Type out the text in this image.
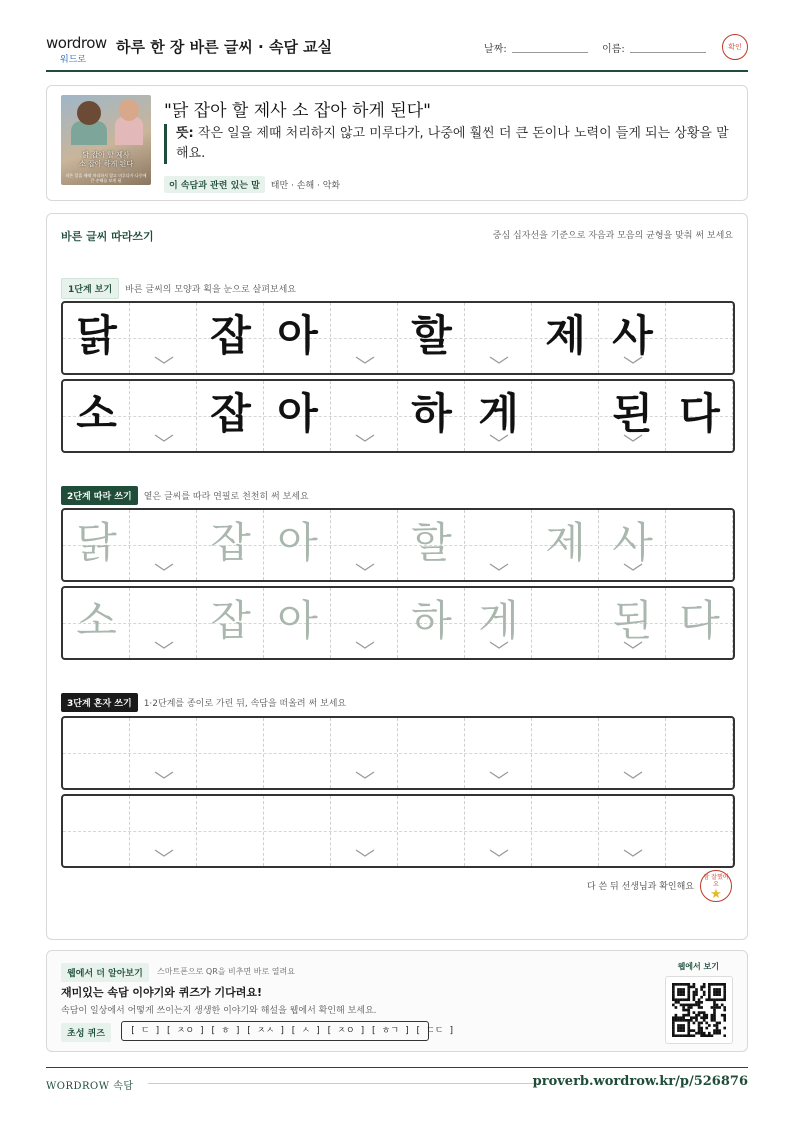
wordrow
워드로
하루 한 장 바른 글씨 · 속담 교실	날짜:	이름:	확인
닭 잡아 할 제사
소 잡아 하게 된다
작은 일을 제때 처리하지 않고 미루다가 나중에 큰 손해를 보게 됨
"닭 잡아 할 제사 소 잡아 하게 된다"
뜻: 작은 일을 제때 처리하지 않고 미루다가, 나중에 훨씬 더 큰 돈이나 노력이 들게 되는 상황을 말해요.
이 속담과 관련 있는 말 태만 · 손해 · 악화
바른 글씨 따라쓰기	중심 십자선을 기준으로 자음과 모음의 균형을 맞춰 써 보세요
1단계 보기 바른 글씨의 모양과 획을 눈으로 살펴보세요
닭	잡 아	할	제 사
소	잡 아	하 게	된 다
2단계 따라 쓰기 옅은 글씨를 따라 연필로 천천히 써 보세요
닭	잡 아	할	제 사
소	잡 아	하 게	된 다
3단계 혼자 쓰기 1·2단계를 종이로 가린 뒤, 속담을 떠올려 써 보세요
다 쓴 뒤 선생님과 확인해요
참 잘했어요
★
웹에서 더 알아보기	스마트폰으로 QR을 비추면 바로 열려요
재미있는 속담 이야기와 퀴즈가 기다려요!
속담이 일상에서 어떻게 쓰이는지 생생한 이야기와 해설을 웹에서 확인해 보세요.
초성 퀴즈	[ ㄷ ] [ ㅈㅇ ] [ ㅎ ] [ ㅈㅅ ] [ ㅅ ] [ ㅈㅇ ] [ ㅎㄱ ] [ ㄷㄷ ]
웹에서 보기
WORDROW 속담	proverb.wordrow.kr/p/526876
